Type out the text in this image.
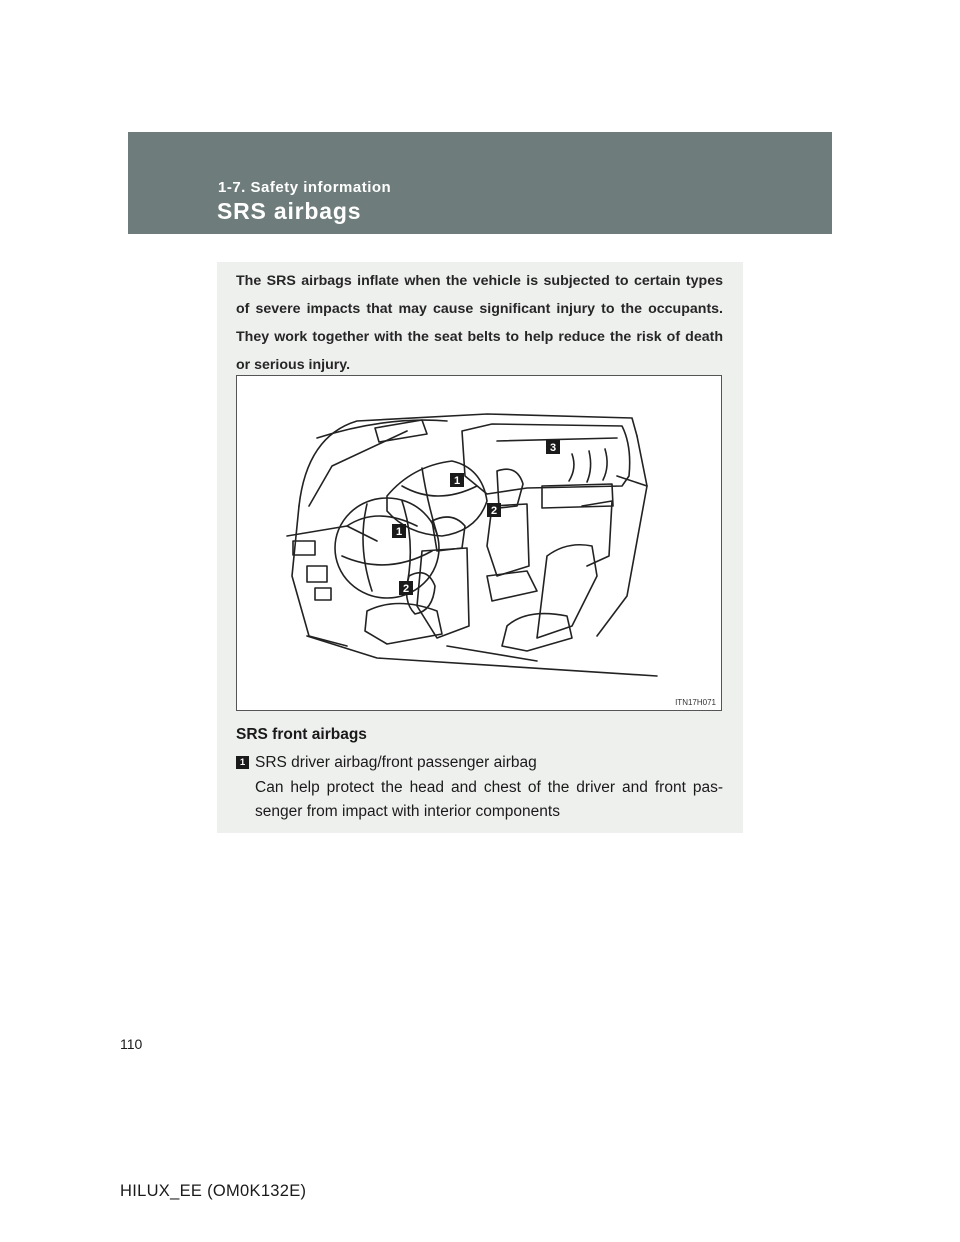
1-7. Safety information
SRS airbags
The SRS airbags inflate when the vehicle is subjected to certain types of severe impacts that may cause significant injury to the occupants. They work together with the seat belts to help reduce the risk of death or serious injury.
1
1
2
2
3
ITN17H071
SRS front airbags
1 SRS driver airbag/front passenger airbag
Can help protect the head and chest of the driver and front pas-senger from impact with interior components
110
HILUX_EE (OM0K132E)
